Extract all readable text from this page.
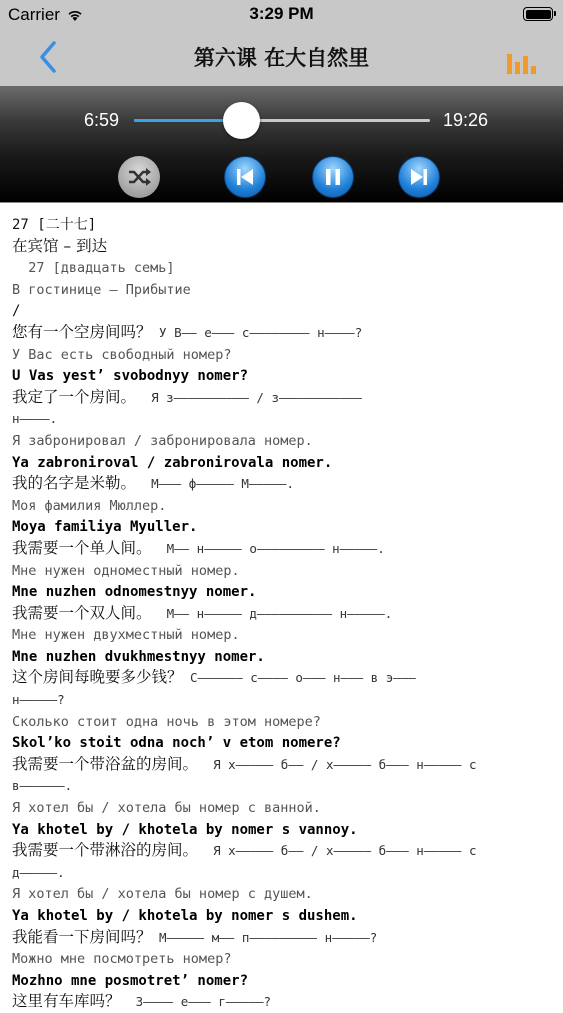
Carrier	3:29 PM
第六课 在大自然里
6:59	19:26
27 [二十七]
在宾馆 – 到达
27 [двадцать семь]
В гостинице – Прибытие
/
您有一个空房间吗？ У В–– е––– с–––––––– н––––?
У Вас есть свободный номер?
U Vas yest’ svobodnyy nomer?
我定了一个房间。  Я з–––––––––– / з–––––––––––
н––––.
Я забронировал / забронировала номер.
Ya zabroniroval / zabronirovala nomer.
我的名字是米勒。  М––– ф––––– М–––––.
Моя фамилия Мюллер.
Moya familiya Myuller.
我需要一个单人间。  М–– н––––– о––––––––– н–––––.
Мне нужен одноместный номер.
Mne nuzhen odnomestnyy nomer.
我需要一个双人间。  М–– н––––– д–––––––––– н–––––.
Мне нужен двухместный номер.
Mne nuzhen dvukhmestnyy nomer.
这个房间每晚要多少钱？ С–––––– с–––– о––– н––– в э–––
н–––––?
Сколько стоит одна ночь в этом номере?
Skol’ko stoit odna noch’ v etom nomere?
我需要一个带浴盆的房间。  Я х––––– б–– / х––––– б––– н––––– с
в––––––.
Я хотел бы / хотела бы номер с ванной.
Ya khotel by / khotela by nomer s vannoy.
我需要一个带淋浴的房间。  Я х––––– б–– / х––––– б––– н––––– с
д–––––.
Я хотел бы / хотела бы номер с душем.
Ya khotel by / khotela by nomer s dushem.
我能看一下房间吗？ М––––– м–– п––––––––– н–––––?
Можно мне посмотреть номер?
Mozhno mne posmotret’ nomer?
这里有车库吗？  З–––– е––– г–––––?
